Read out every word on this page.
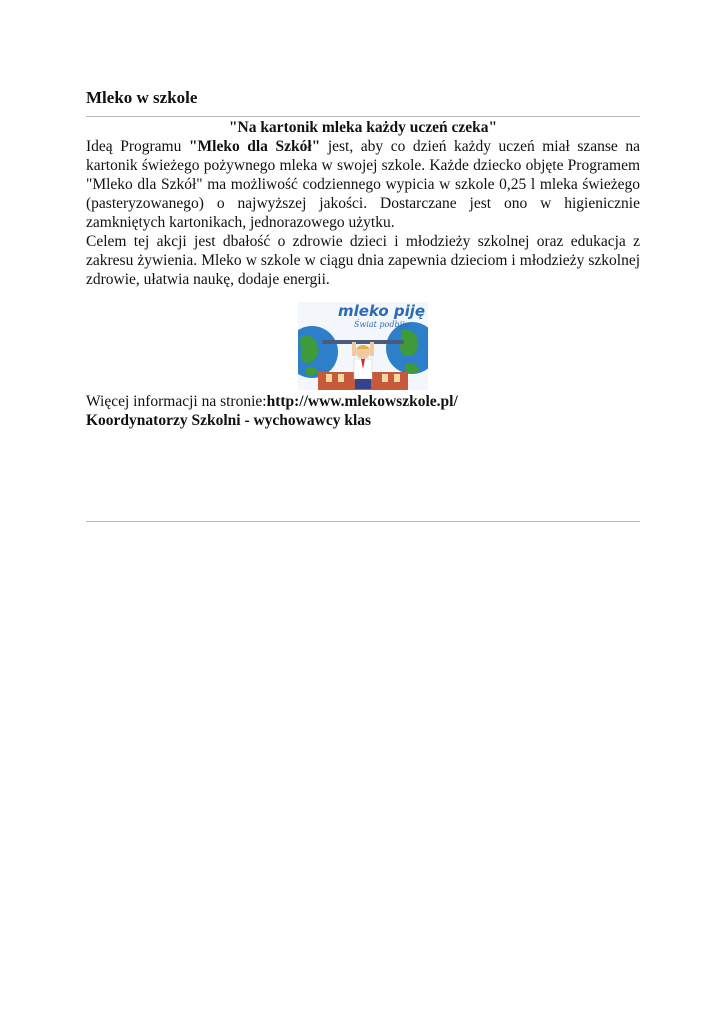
Mleko w szkole
"Na kartonik mleka każdy uczeń czeka"

Ideą Programu "Mleko dla Szkół" jest, aby co dzień każdy uczeń miał szanse na kartonik świeżego pożywnego mleka w swojej szkole. Każde dziecko objęte Programem "Mleko dla Szkół" ma możliwość codziennego wypicia w szkole 0,25 l mleka świeżego (pasteryzowanego) o najwyższej jakości. Dostarczane jest ono w higienicznie zamkniętych kartonikach, jednorazowego użytku.

Celem tej akcji jest dbałość o zdrowie dzieci i młodzieży szkolnej oraz edukacja z zakresu żywienia. Mleko w szkole w ciągu dnia zapewnia dzieciom i młodzieży szkolnej zdrowie, ułatwia naukę, dodaje energii.

mleko piję
Świat podbiję
Więcej informacji na stronie:http://www.mlekowszkole.pl/
Koordynatorzy Szkolni - wychowawcy klas
